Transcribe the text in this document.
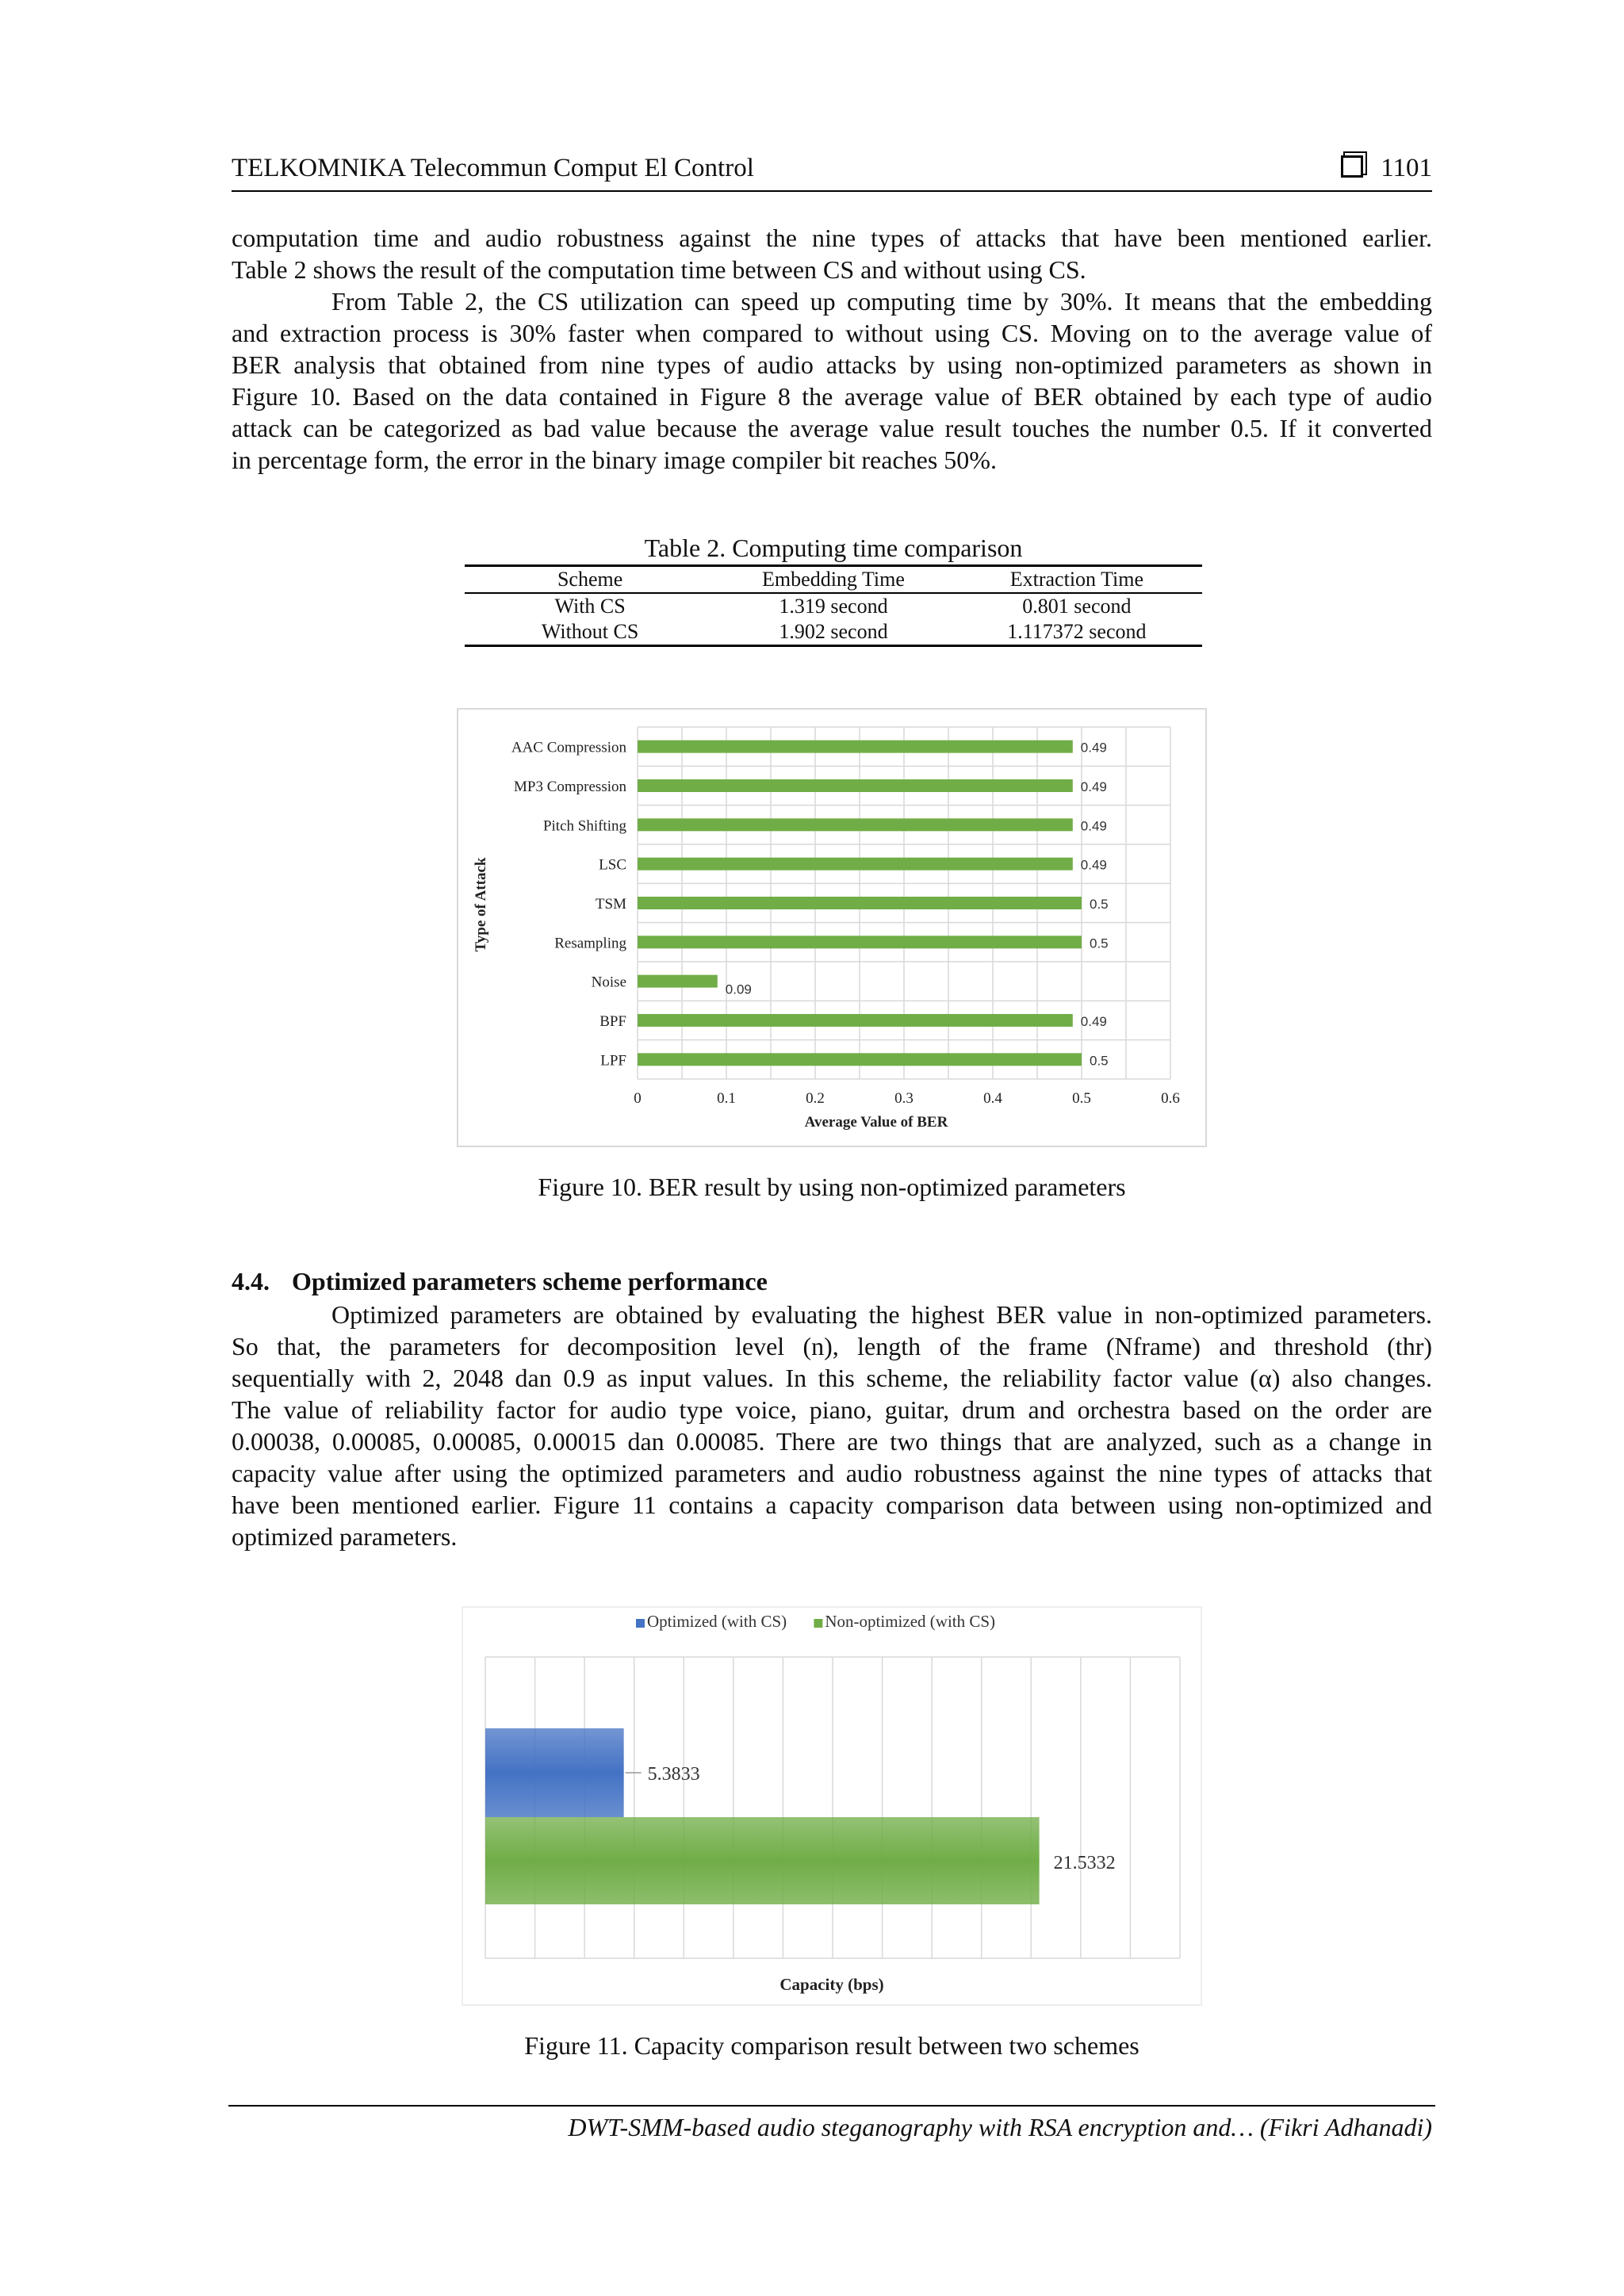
TELKOMNIKA Telecommun Comput El Control	1101
computation time and audio robustness against the nine types of attacks that have been mentioned earlier.
Table 2 shows the result of the computation time between CS and without using CS.
From Table 2, the CS utilization can speed up computing time by 30%. It means that the embedding
and extraction process is 30% faster when compared to without using CS. Moving on to the average value of
BER analysis that obtained from nine types of audio attacks by using non-optimized parameters as shown in
Figure 10. Based on the data contained in Figure 8 the average value of BER obtained by each type of audio
attack can be categorized as bad value because the average value result touches the number 0.5. If it converted
in percentage form, the error in the binary image compiler bit reaches 50%.
Table 2. Computing time comparison
Scheme	Embedding Time	Extraction Time
With CS	1.319 second	0.801 second
Without CS	1.902 second	1.117372 second
AAC Compression	0.49
MP3 Compression	0.49
Pitch Shifting	0.49
LSC	0.49
TSM	0.5
Resampling	0.5
Noise	0.09
BPF	0.49
LPF	0.5
0	0.1	0.2	0.3	0.4	0.5	0.6
Average Value of BER
Type of Attack
Figure 10. BER result by using non-optimized parameters
4.4. Optimized parameters scheme performance
Optimized parameters are obtained by evaluating the highest BER value in non-optimized parameters.
So that, the parameters for decomposition level (n), length of the frame (Nframe) and threshold (thr)
sequentially with 2, 2048 dan 0.9 as input values. In this scheme, the reliability factor value (α) also changes.
The value of reliability factor for audio type voice, piano, guitar, drum and orchestra based on the order are
0.00038, 0.00085, 0.00085, 0.00015 dan 0.00085. There are two things that are analyzed, such as a change in
capacity value after using the optimized parameters and audio robustness against the nine types of attacks that
have been mentioned earlier. Figure 11 contains a capacity comparison data between using non-optimized and
optimized parameters.
Optimized (with CS) Non-optimized (with CS)
5.3833
21.5332
Capacity (bps)
Figure 11. Capacity comparison result between two schemes
DWT-SMM-based audio steganography with RSA encryption and… (Fikri Adhanadi)
